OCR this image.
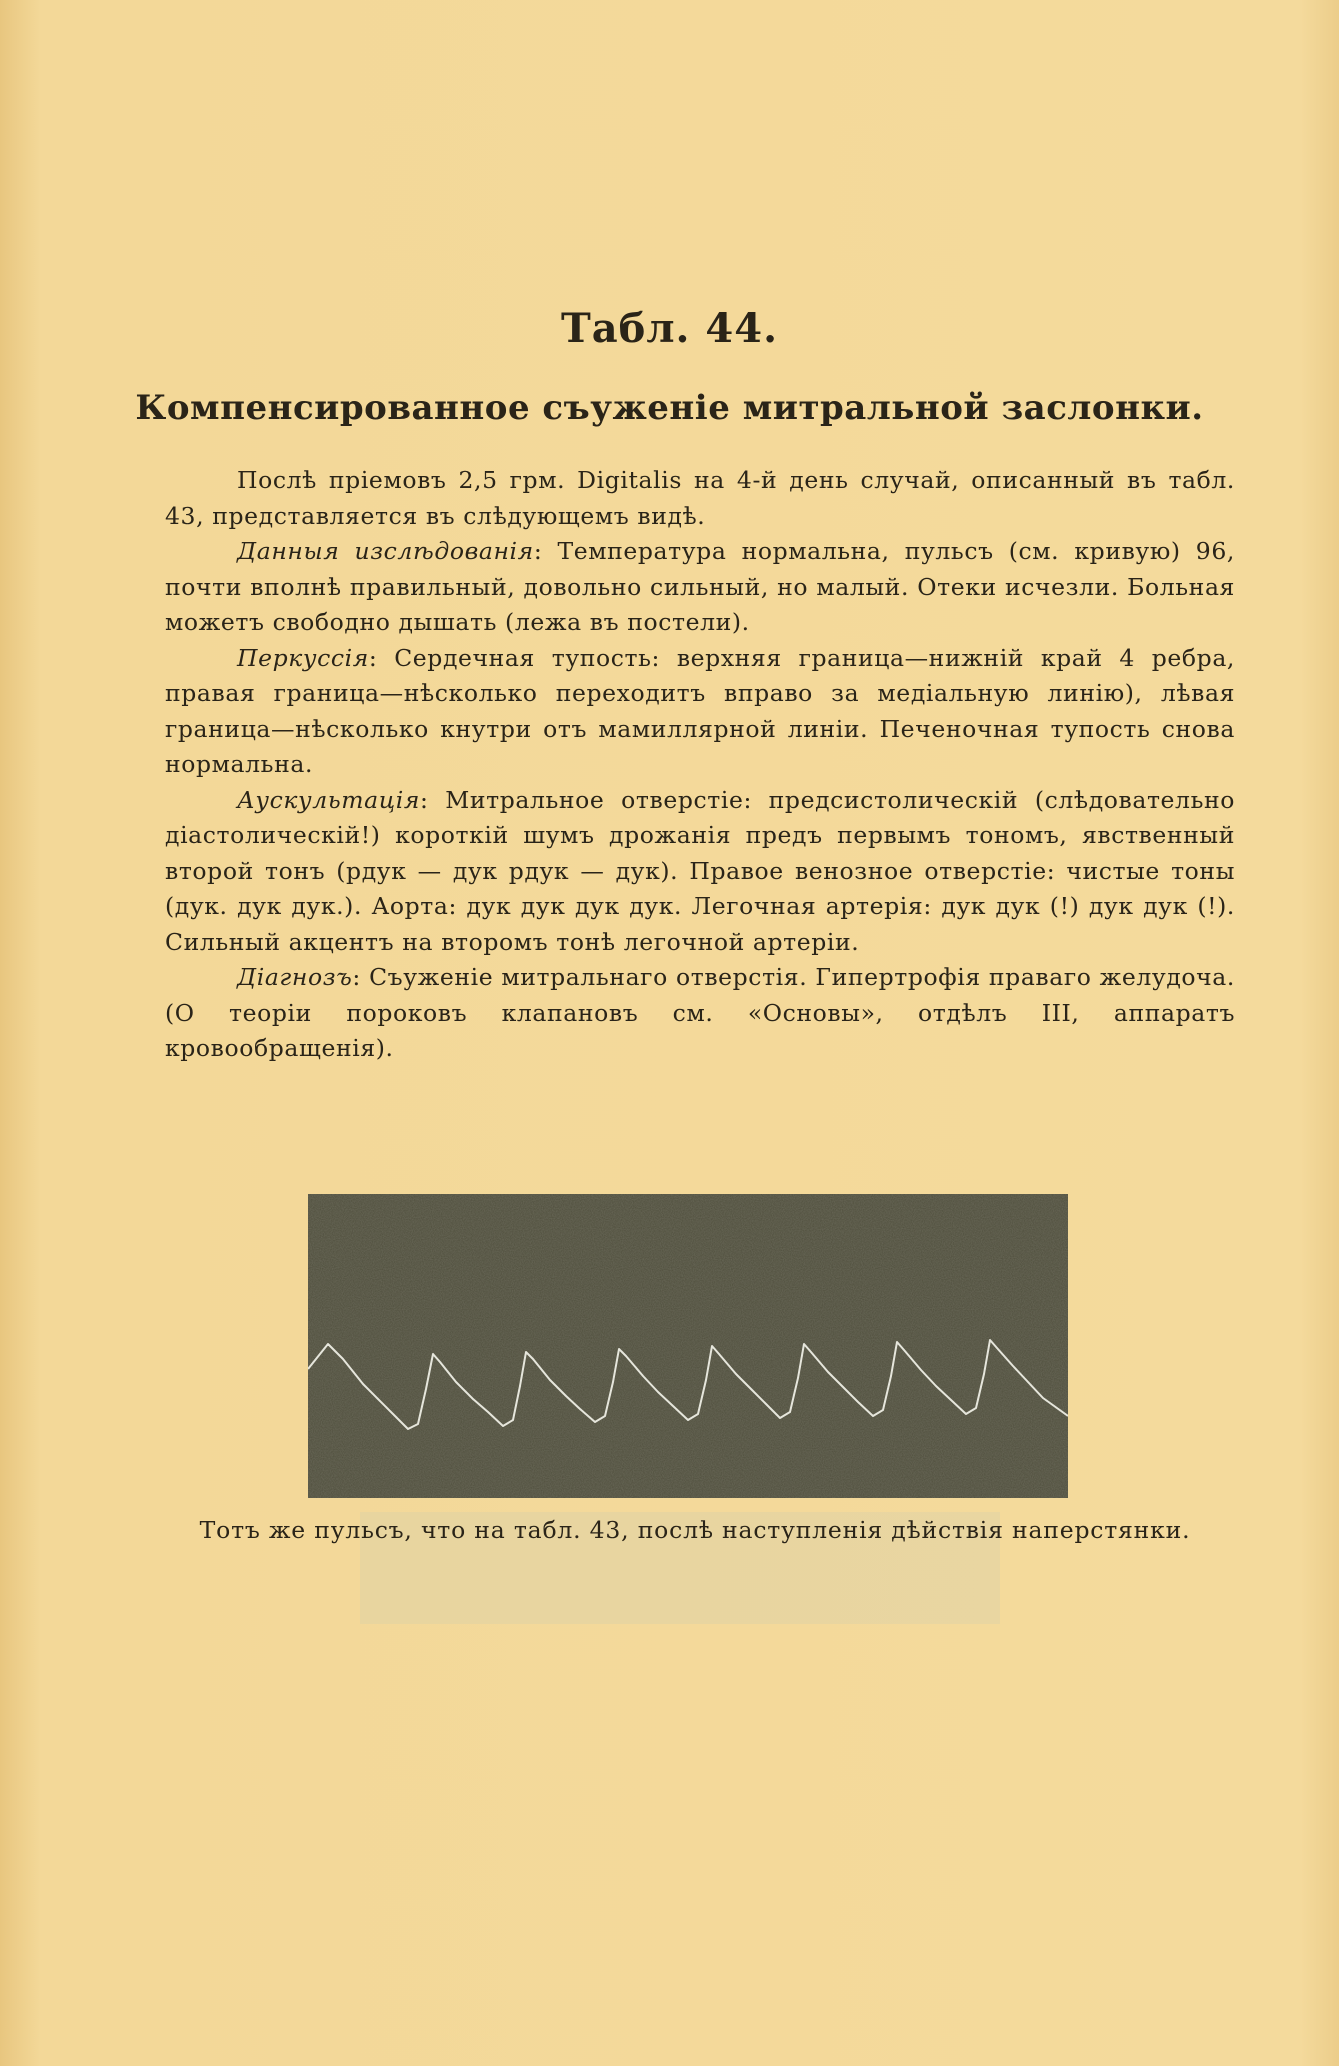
Табл. 44.
Компенсированное съуженіе митральной заслонки.

Послѣ пріемовъ 2,5 грм. Digitalis на 4-й день случай, описанный въ табл. 43, представляется въ слѣдующемъ видѣ.

Данныя изслѣдованія: Температура нормальна, пульсъ (см. кривую) 96, почти вполнѣ правильный, довольно сильный, но малый. Отеки исчезли. Больная можетъ свободно дышать (лежа въ постели).

Перкуссія: Сердечная тупость: верхняя граница—нижній край 4 ребра, правая граница—нѣсколько переходитъ вправо за медіальную линію), лѣвая граница—нѣсколько кнутри отъ мамиллярной линіи. Печеночная тупость снова нормальна.

Аускультація: Митральное отверстіе: предсистолическій (слѣдовательно діастолическій!) короткій шумъ дрожанія предъ первымъ тономъ, явственный второй тонъ (рдук — дук рдук — дук). Правое венозное отверстіе: чистые тоны (дук. дук дук.). Аорта: дук дук дук дук. Легочная артерія: дук дук (!) дук дук (!). Сильный акцентъ на второмъ тонѣ легочной артеріи.

Діагнозъ: Съуженіе митральнаго отверстія. Гипертрофія праваго желудоча. (О теоріи пороковъ клапановъ см. «Основы», отдѣлъ III, аппаратъ кровообращенія).

Тотъ же пульсъ, что на табл. 43, послѣ наступленія дѣйствія наперстянки.
